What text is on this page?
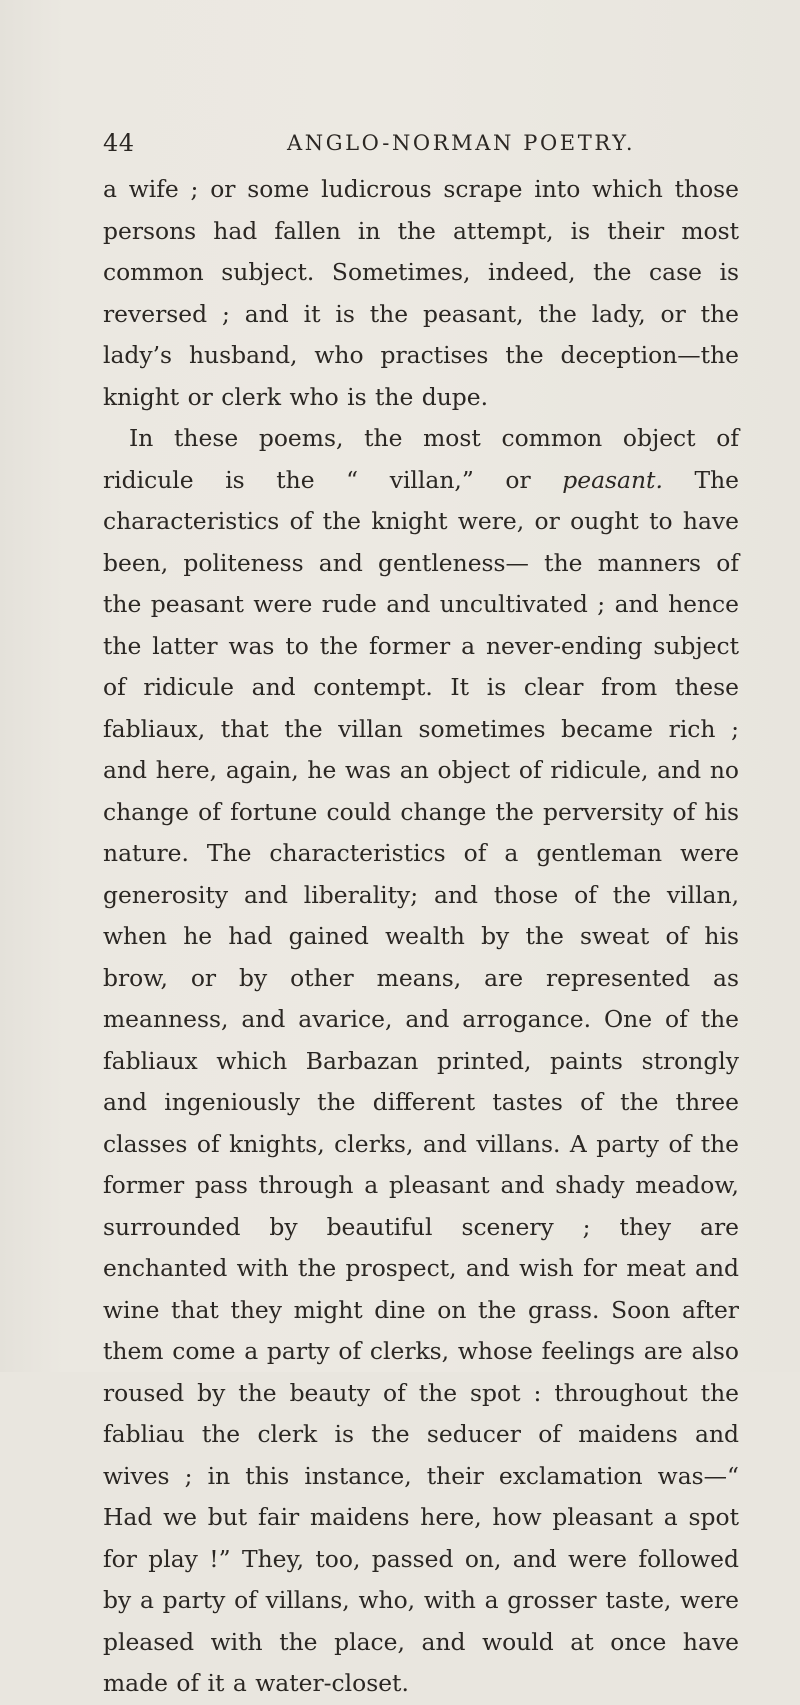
44	ANGLO-NORMAN POETRY.

a wife ; or some ludicrous scrape into which those persons had fallen in the attempt, is their most common subject. Sometimes, indeed, the case is reversed ; and it is the peasant, the lady, or the lady’s husband, who practises the deception—the knight or clerk who is the dupe.

In these poems, the most common object of ridicule is the “ villan,” or peasant. The characteristics of the knight were, or ought to have been, politeness and gentleness— the manners of the peasant were rude and uncultivated ; and hence the latter was to the former a never-ending subject of ridicule and contempt. It is clear from these fabliaux, that the villan sometimes became rich ; and here, again, he was an object of ridicule, and no change of fortune could change the perversity of his nature. The characteristics of a gentleman were generosity and liberality; and those of the villan, when he had gained wealth by the sweat of his brow, or by other means, are represented as meanness, and avarice, and arrogance. One of the fabliaux which Barbazan printed, paints strongly and ingeniously the different tastes of the three classes of knights, clerks, and villans. A party of the former pass through a pleasant and shady meadow, surrounded by beautiful scenery ; they are enchanted with the prospect, and wish for meat and wine that they might dine on the grass. Soon after them come a party of clerks, whose feelings are also roused by the beauty of the spot : throughout the fabliau the clerk is the seducer of maidens and wives ; in this instance, their exclamation was—“ Had we but fair maidens here, how pleasant a spot for play !” They, too, passed on, and were followed by a party of villans, who, with a grosser taste, were pleased with the place, and would at once have made of it a water-closet.
